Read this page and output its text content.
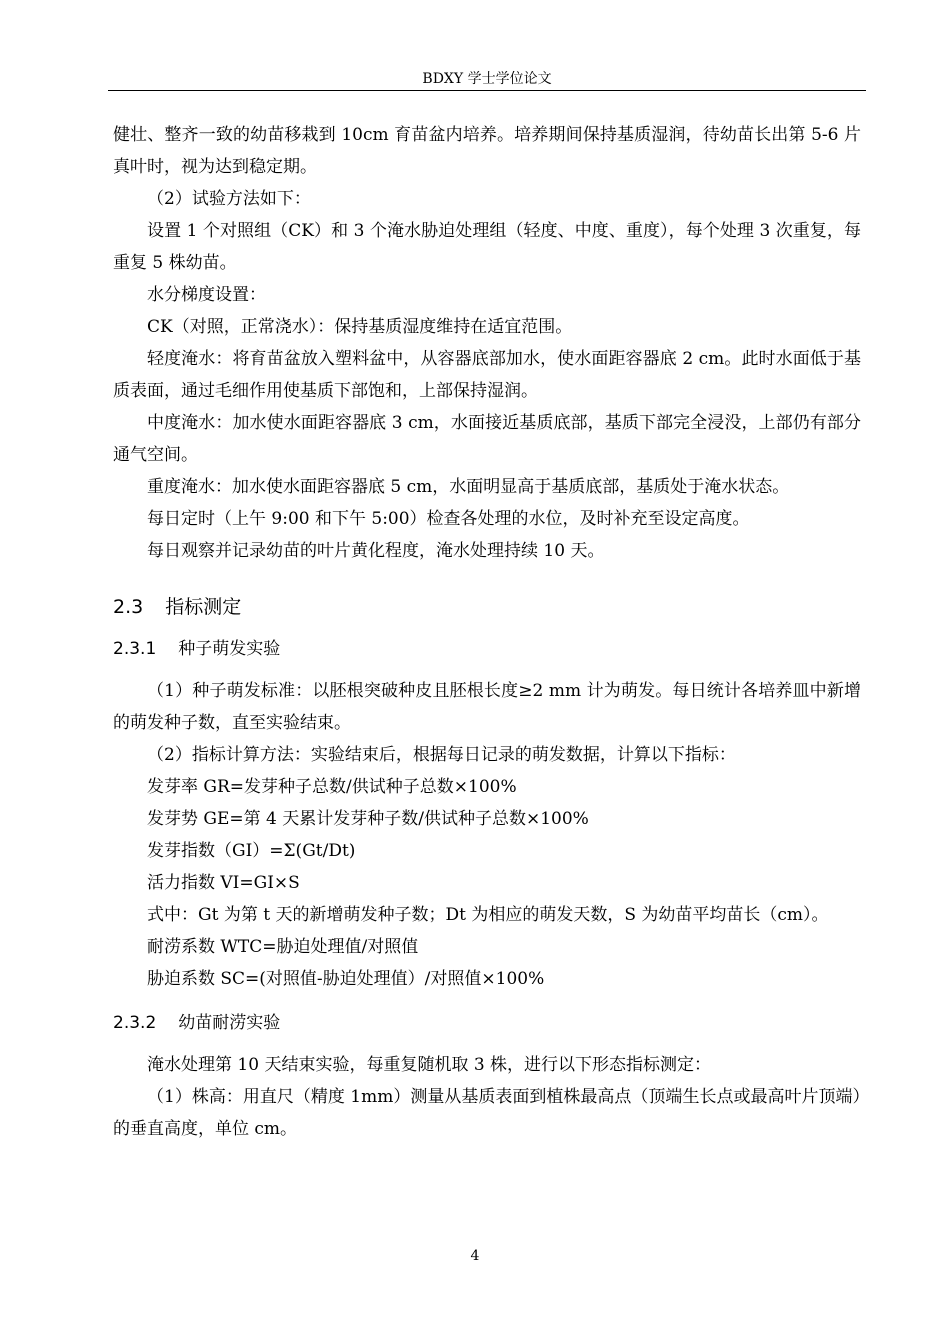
BDXY 学士学位论文

健壮、整齐一致的幼苗移栽到 10cm 育苗盆内培养。培养期间保持基质湿润，待幼苗长出第 5-6 片真叶时，视为达到稳定期。

（2）试验方法如下：

设置 1 个对照组（CK）和 3 个淹水胁迫处理组（轻度、中度、重度），每个处理 3 次重复，每重复 5 株幼苗。

水分梯度设置：

CK（对照，正常浇水）：保持基质湿度维持在适宜范围。

轻度淹水：将育苗盆放入塑料盆中，从容器底部加水，使水面距容器底 2 cm。此时水面低于基质表面，通过毛细作用使基质下部饱和，上部保持湿润。

中度淹水：加水使水面距容器底 3 cm，水面接近基质底部，基质下部完全浸没，上部仍有部分通气空间。

重度淹水：加水使水面距容器底 5 cm，水面明显高于基质底部，基质处于淹水状态。

每日定时（上午 9:00 和下午 5:00）检查各处理的水位，及时补充至设定高度。

每日观察并记录幼苗的叶片黄化程度，淹水处理持续 10 天。

2.3 指标测定
2.3.1 种子萌发实验

（1）种子萌发标准：以胚根突破种皮且胚根长度≥2 mm 计为萌发。每日统计各培养皿中新增的萌发种子数，直至实验结束。

（2）指标计算方法：实验结束后，根据每日记录的萌发数据，计算以下指标：

发芽率 GR=发芽种子总数/供试种子总数×100%

发芽势 GE=第 4 天累计发芽种子数/供试种子总数×100%

发芽指数（GI）=Σ(Gt/Dt)

活力指数 VI=GI×S

式中：Gt 为第 t 天的新增萌发种子数；Dt 为相应的萌发天数，S 为幼苗平均苗长（cm）。

耐涝系数 WTC=胁迫处理值/对照值

胁迫系数 SC=(对照值-胁迫处理值）/对照值×100%

2.3.2 幼苗耐涝实验

淹水处理第 10 天结束实验，每重复随机取 3 株，进行以下形态指标测定：

（1）株高：用直尺（精度 1mm）测量从基质表面到植株最高点（顶端生长点或最高叶片顶端）的垂直高度，单位 cm。

4
